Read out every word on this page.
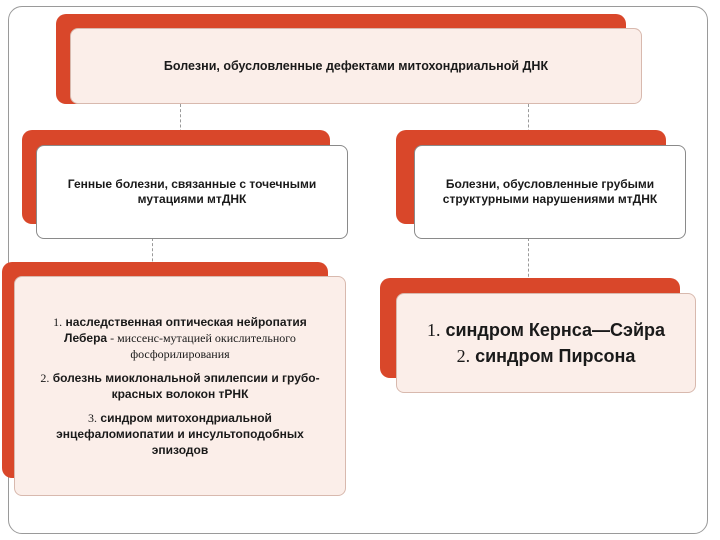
Болезни, обусловленные дефектами митохондриальной ДНК
Генные болезни, связанные с точечными
мутациями мтДНК
Болезни, обусловленные грубыми
структурными нарушениями мтДНК
1. наследственная оптическая нейропатия
Лебера - миссенс-мутацией окислительного
фосфорилирования
2. болезнь миоклональной эпилепсии и грубо-
красных волокон тРНК
3. синдром митохондриальной
энцефаломиопатии и инсультоподобных
эпизодов
1. синдром Кернса—Сэйра
2. синдром Пирсона
